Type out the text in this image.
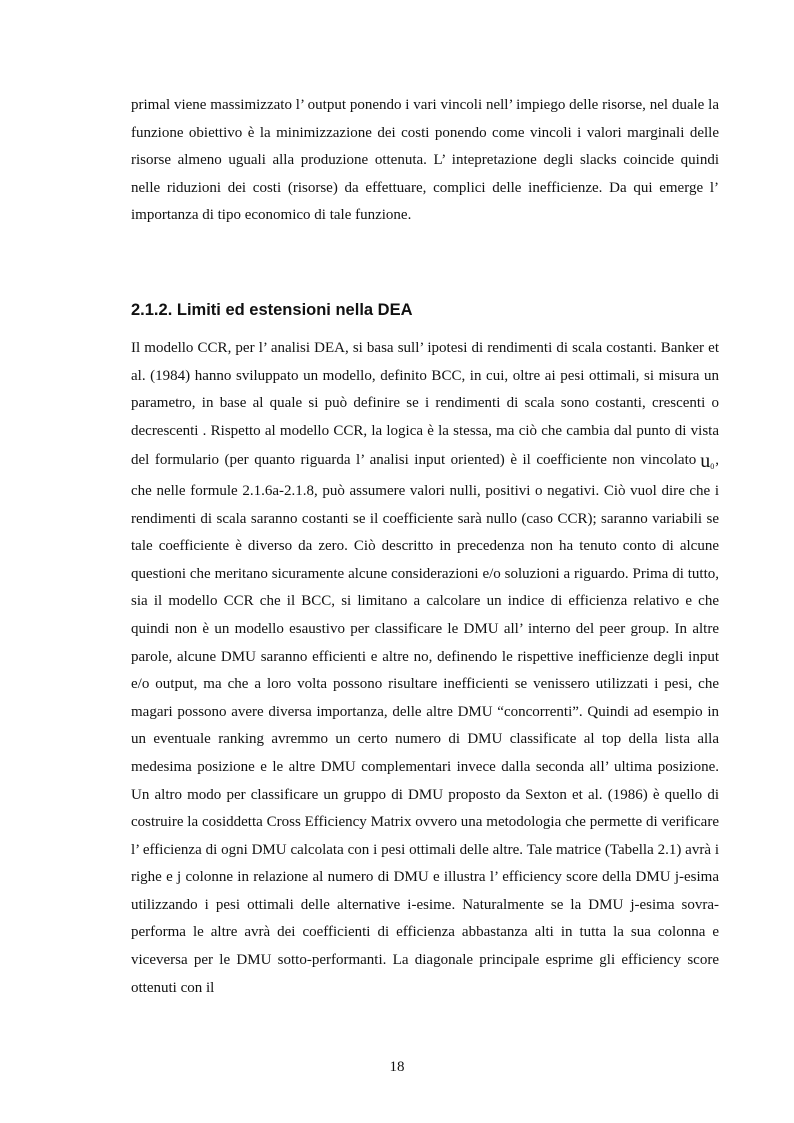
primal viene massimizzato l’ output ponendo i vari vincoli nell’ impiego delle risorse, nel duale la funzione obiettivo è la minimizzazione dei costi ponendo come vincoli i valori marginali delle risorse almeno uguali alla produzione ottenuta. L’ intepretazione degli slacks coincide quindi nelle riduzioni dei costi (risorse) da effettuare, complici delle inefficienze. Da qui emerge l’ importanza di tipo economico di tale funzione.

2.1.2. Limiti ed estensioni nella DEA

Il modello CCR, per l’ analisi DEA, si basa sull’ ipotesi di rendimenti di scala costanti. Banker et al. (1984) hanno sviluppato un modello, definito BCC, in cui, oltre ai pesi ottimali, si misura un parametro, in base al quale si può definire se i rendimenti di scala sono costanti, crescenti o decrescenti . Rispetto al modello CCR, la logica è la stessa, ma ciò che cambia dal punto di vista del formulario (per quanto riguarda l’ analisi input oriented) è il coefficiente non vincolato $u_0$, che nelle formule 2.1.6a-2.1.8, può assumere valori nulli, positivi o negativi. Ciò vuol dire che i rendimenti di scala saranno costanti se il coefficiente sarà nullo (caso CCR); saranno variabili se tale coefficiente è diverso da zero. Ciò descritto in precedenza non ha tenuto conto di alcune questioni che meritano sicuramente alcune considerazioni e/o soluzioni a riguardo. Prima di tutto, sia il modello CCR che il BCC, si limitano a calcolare un indice di efficienza relativo e che quindi non è un modello esaustivo per classificare le DMU all’ interno del peer group. In altre parole, alcune DMU saranno efficienti e altre no, definendo le rispettive inefficienze degli input e/o output, ma che a loro volta possono risultare inefficienti se venissero utilizzati i pesi, che magari possono avere diversa importanza, delle altre DMU “concorrenti”. Quindi ad esempio in un eventuale ranking avremmo un certo numero di DMU classificate al top della lista alla medesima posizione e le altre DMU complementari invece dalla seconda all’ ultima posizione. Un altro modo per classificare un gruppo di DMU proposto da Sexton et al. (1986) è quello di costruire la cosiddetta Cross Efficiency Matrix ovvero una metodologia che permette di verificare l’ efficienza di ogni DMU calcolata con i pesi ottimali delle altre. Tale matrice (Tabella 2.1) avrà i righe e j colonne in relazione al numero di DMU e illustra l’ efficiency score della DMU j-esima utilizzando i pesi ottimali delle alternative i-esime. Naturalmente se la DMU j-esima sovra-performa le altre avrà dei coefficienti di efficienza abbastanza alti in tutta la sua colonna e viceversa per le DMU sotto-performanti. La diagonale principale esprime gli efficiency score ottenuti con il

18
